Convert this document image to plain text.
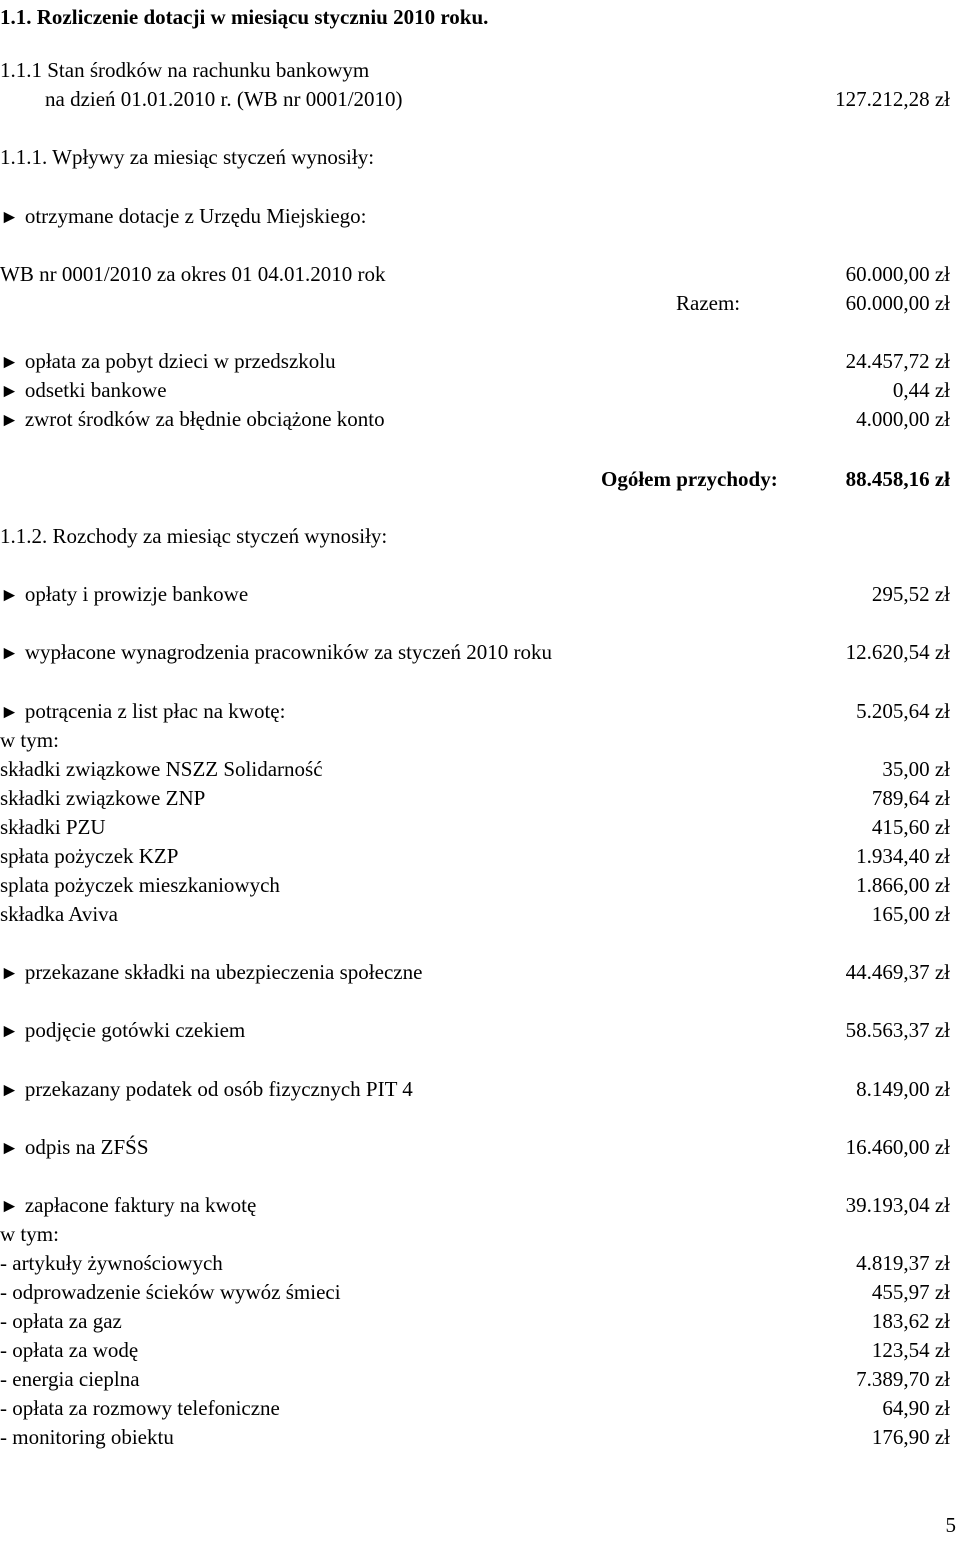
1.1. Rozliczenie dotacji w miesiącu styczniu 2010 roku.
1.1.1 Stan środków na rachunku bankowym
na dzień 01.01.2010 r. (WB nr 0001/2010)	127.212,28 zł
1.1.1. Wpływy za miesiąc styczeń wynosiły:
► otrzymane dotacje z Urzędu Miejskiego:
WB nr 0001/2010 za okres 01 04.01.2010 rok	60.000,00 zł
Razem:	60.000,00 zł
► opłata za pobyt dzieci w przedszkolu	24.457,72 zł
► odsetki bankowe	0,44 zł
► zwrot środków za błędnie obciążone konto	4.000,00 zł
Ogółem przychody:	88.458,16 zł
1.1.2. Rozchody za miesiąc styczeń wynosiły:
► opłaty i prowizje bankowe	295,52 zł
► wypłacone wynagrodzenia pracowników za styczeń 2010 roku	12.620,54 zł
► potrącenia z list płac na kwotę:	5.205,64 zł
w tym:
składki związkowe NSZZ Solidarność	35,00 zł
składki związkowe ZNP	789,64 zł
składki PZU	415,60 zł
spłata pożyczek KZP	1.934,40 zł
splata pożyczek mieszkaniowych	1.866,00 zł
składka Aviva	165,00 zł
► przekazane składki na ubezpieczenia społeczne	44.469,37 zł
► podjęcie gotówki czekiem	58.563,37 zł
► przekazany podatek od osób fizycznych PIT 4	8.149,00 zł
► odpis na ZFŚS	16.460,00 zł
► zapłacone faktury na kwotę	39.193,04 zł
w tym:
- artykuły żywnościowych	4.819,37 zł
- odprowadzenie ścieków wywóz śmieci	455,97 zł
- opłata za gaz	183,62 zł
- opłata za wodę	123,54 zł
- energia cieplna	7.389,70 zł
- opłata za rozmowy telefoniczne	64,90 zł
- monitoring obiektu	176,90 zł
5
